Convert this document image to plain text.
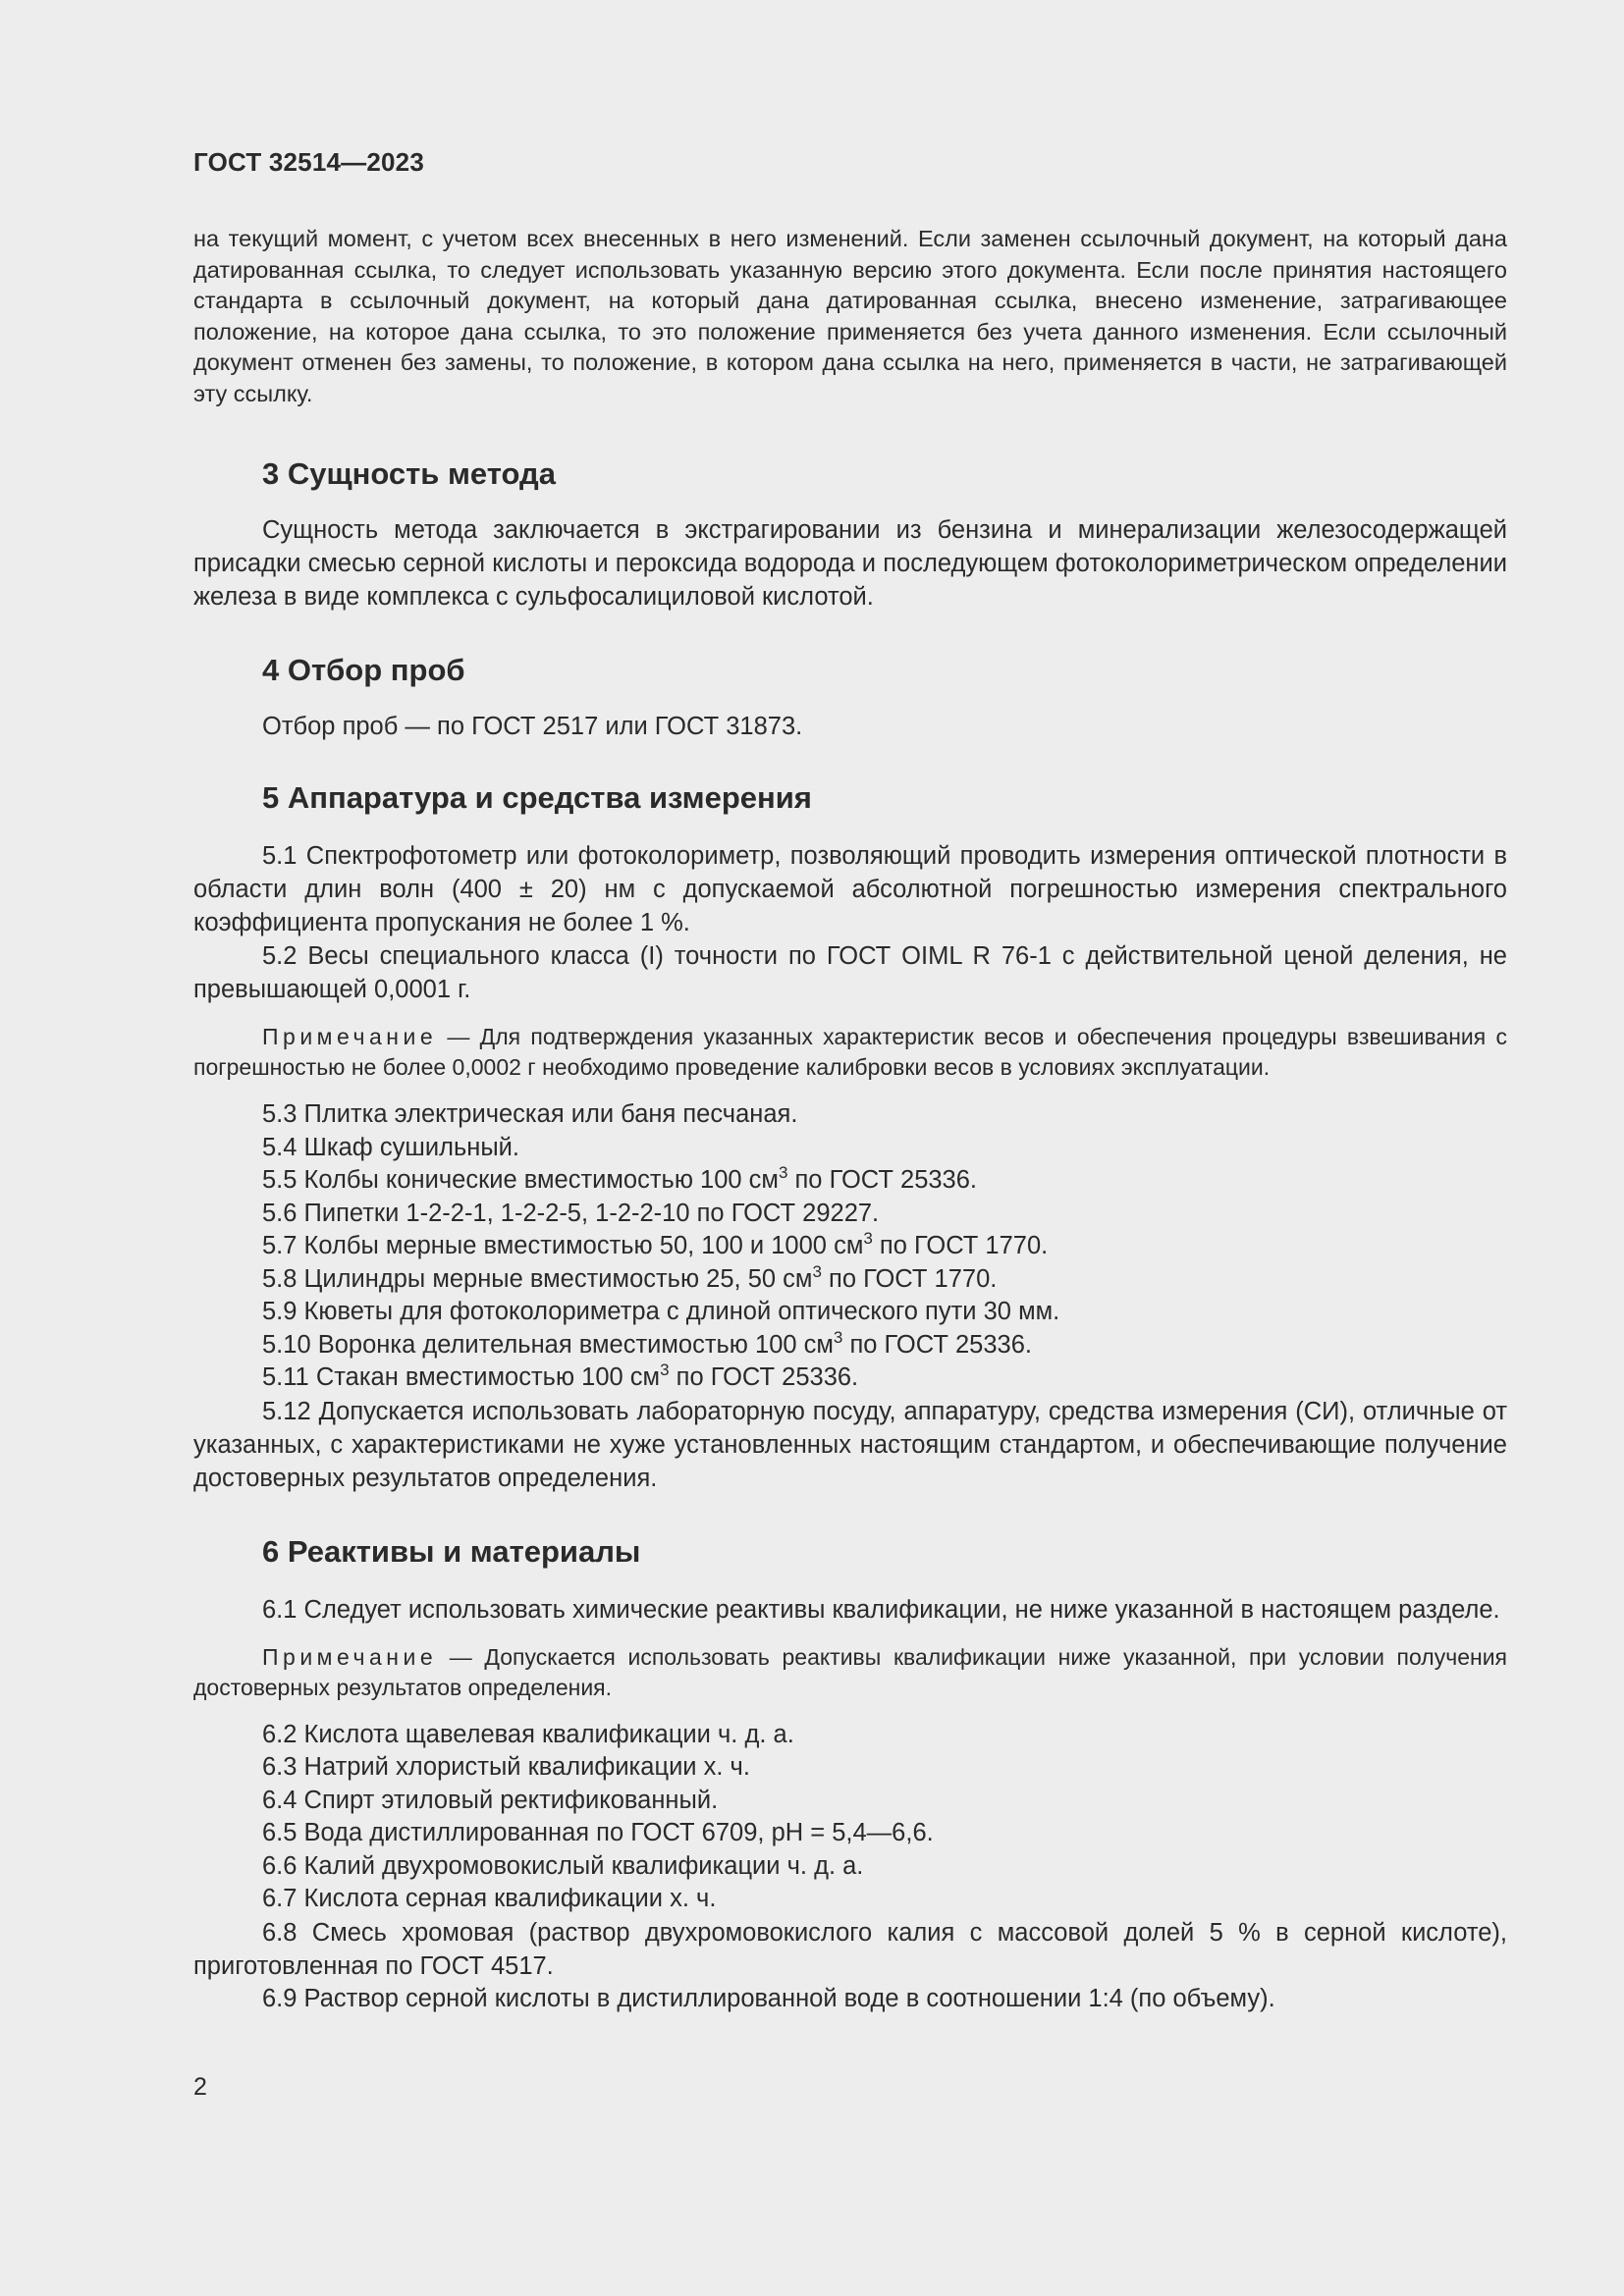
ГОСТ 32514—2023

на текущий момент, с учетом всех внесенных в него изменений. Если заменен ссылочный документ, на который дана датированная ссылка, то следует использовать указанную версию этого документа. Если после принятия настоящего стандарта в ссылочный документ, на который дана датированная ссылка, внесено изменение, затрагивающее положение, на которое дана ссылка, то это положение применяется без учета данного изменения. Если ссылочный документ отменен без замены, то положение, в котором дана ссылка на него, применяется в части, не затрагивающей эту ссылку.

3 Сущность метода

Сущность метода заключается в экстрагировании из бензина и минерализации железосодержащей присадки смесью серной кислоты и пероксида водорода и последующем фотоколориметрическом определении железа в виде комплекса с сульфосалициловой кислотой.

4 Отбор проб

Отбор проб — по ГОСТ 2517 или ГОСТ 31873.

5 Аппаратура и средства измерения

5.1 Спектрофотометр или фотоколориметр, позволяющий проводить измерения оптической плотности в области длин волн (400 ± 20) нм с допускаемой абсолютной погрешностью измерения спектрального коэффициента пропускания не более 1 %.

5.2 Весы специального класса (I) точности по ГОСТ OIML R 76-1 с действительной ценой деления, не превышающей 0,0001 г.

Примечание — Для подтверждения указанных характеристик весов и обеспечения процедуры взвешивания с погрешностью не более 0,0002 г необходимо проведение калибровки весов в условиях эксплуатации.

5.3 Плитка электрическая или баня песчаная.

5.4 Шкаф сушильный.

5.5 Колбы конические вместимостью 100 $см^3$ по ГОСТ 25336.

5.6 Пипетки 1-2-2-1, 1-2-2-5, 1-2-2-10 по ГОСТ 29227.

5.7 Колбы мерные вместимостью 50, 100 и 1000 $см^3$ по ГОСТ 1770.

5.8 Цилиндры мерные вместимостью 25, 50 $см^3$ по ГОСТ 1770.

5.9 Кюветы для фотоколориметра с длиной оптического пути 30 мм.

5.10 Воронка делительная вместимостью 100 $см^3$ по ГОСТ 25336.

5.11 Стакан вместимостью 100 $см^3$ по ГОСТ 25336.

5.12 Допускается использовать лабораторную посуду, аппаратуру, средства измерения (СИ), отличные от указанных, с характеристиками не хуже установленных настоящим стандартом, и обеспечивающие получение достоверных результатов определения.

6 Реактивы и материалы

6.1 Следует использовать химические реактивы квалификации, не ниже указанной в настоящем разделе.

Примечание — Допускается использовать реактивы квалификации ниже указанной, при условии получения достоверных результатов определения.

6.2 Кислота щавелевая квалификации ч. д. а.

6.3 Натрий хлористый квалификации х. ч.

6.4 Спирт этиловый ректификованный.

6.5 Вода дистиллированная по ГОСТ 6709, pH = 5,4—6,6.

6.6 Калий двухромовокислый квалификации ч. д. а.

6.7 Кислота серная квалификации х. ч.

6.8 Смесь хромовая (раствор двухромовокислого калия с массовой долей 5 % в серной кислоте), приготовленная по ГОСТ 4517.

6.9 Раствор серной кислоты в дистиллированной воде в соотношении 1:4 (по объему).

2
